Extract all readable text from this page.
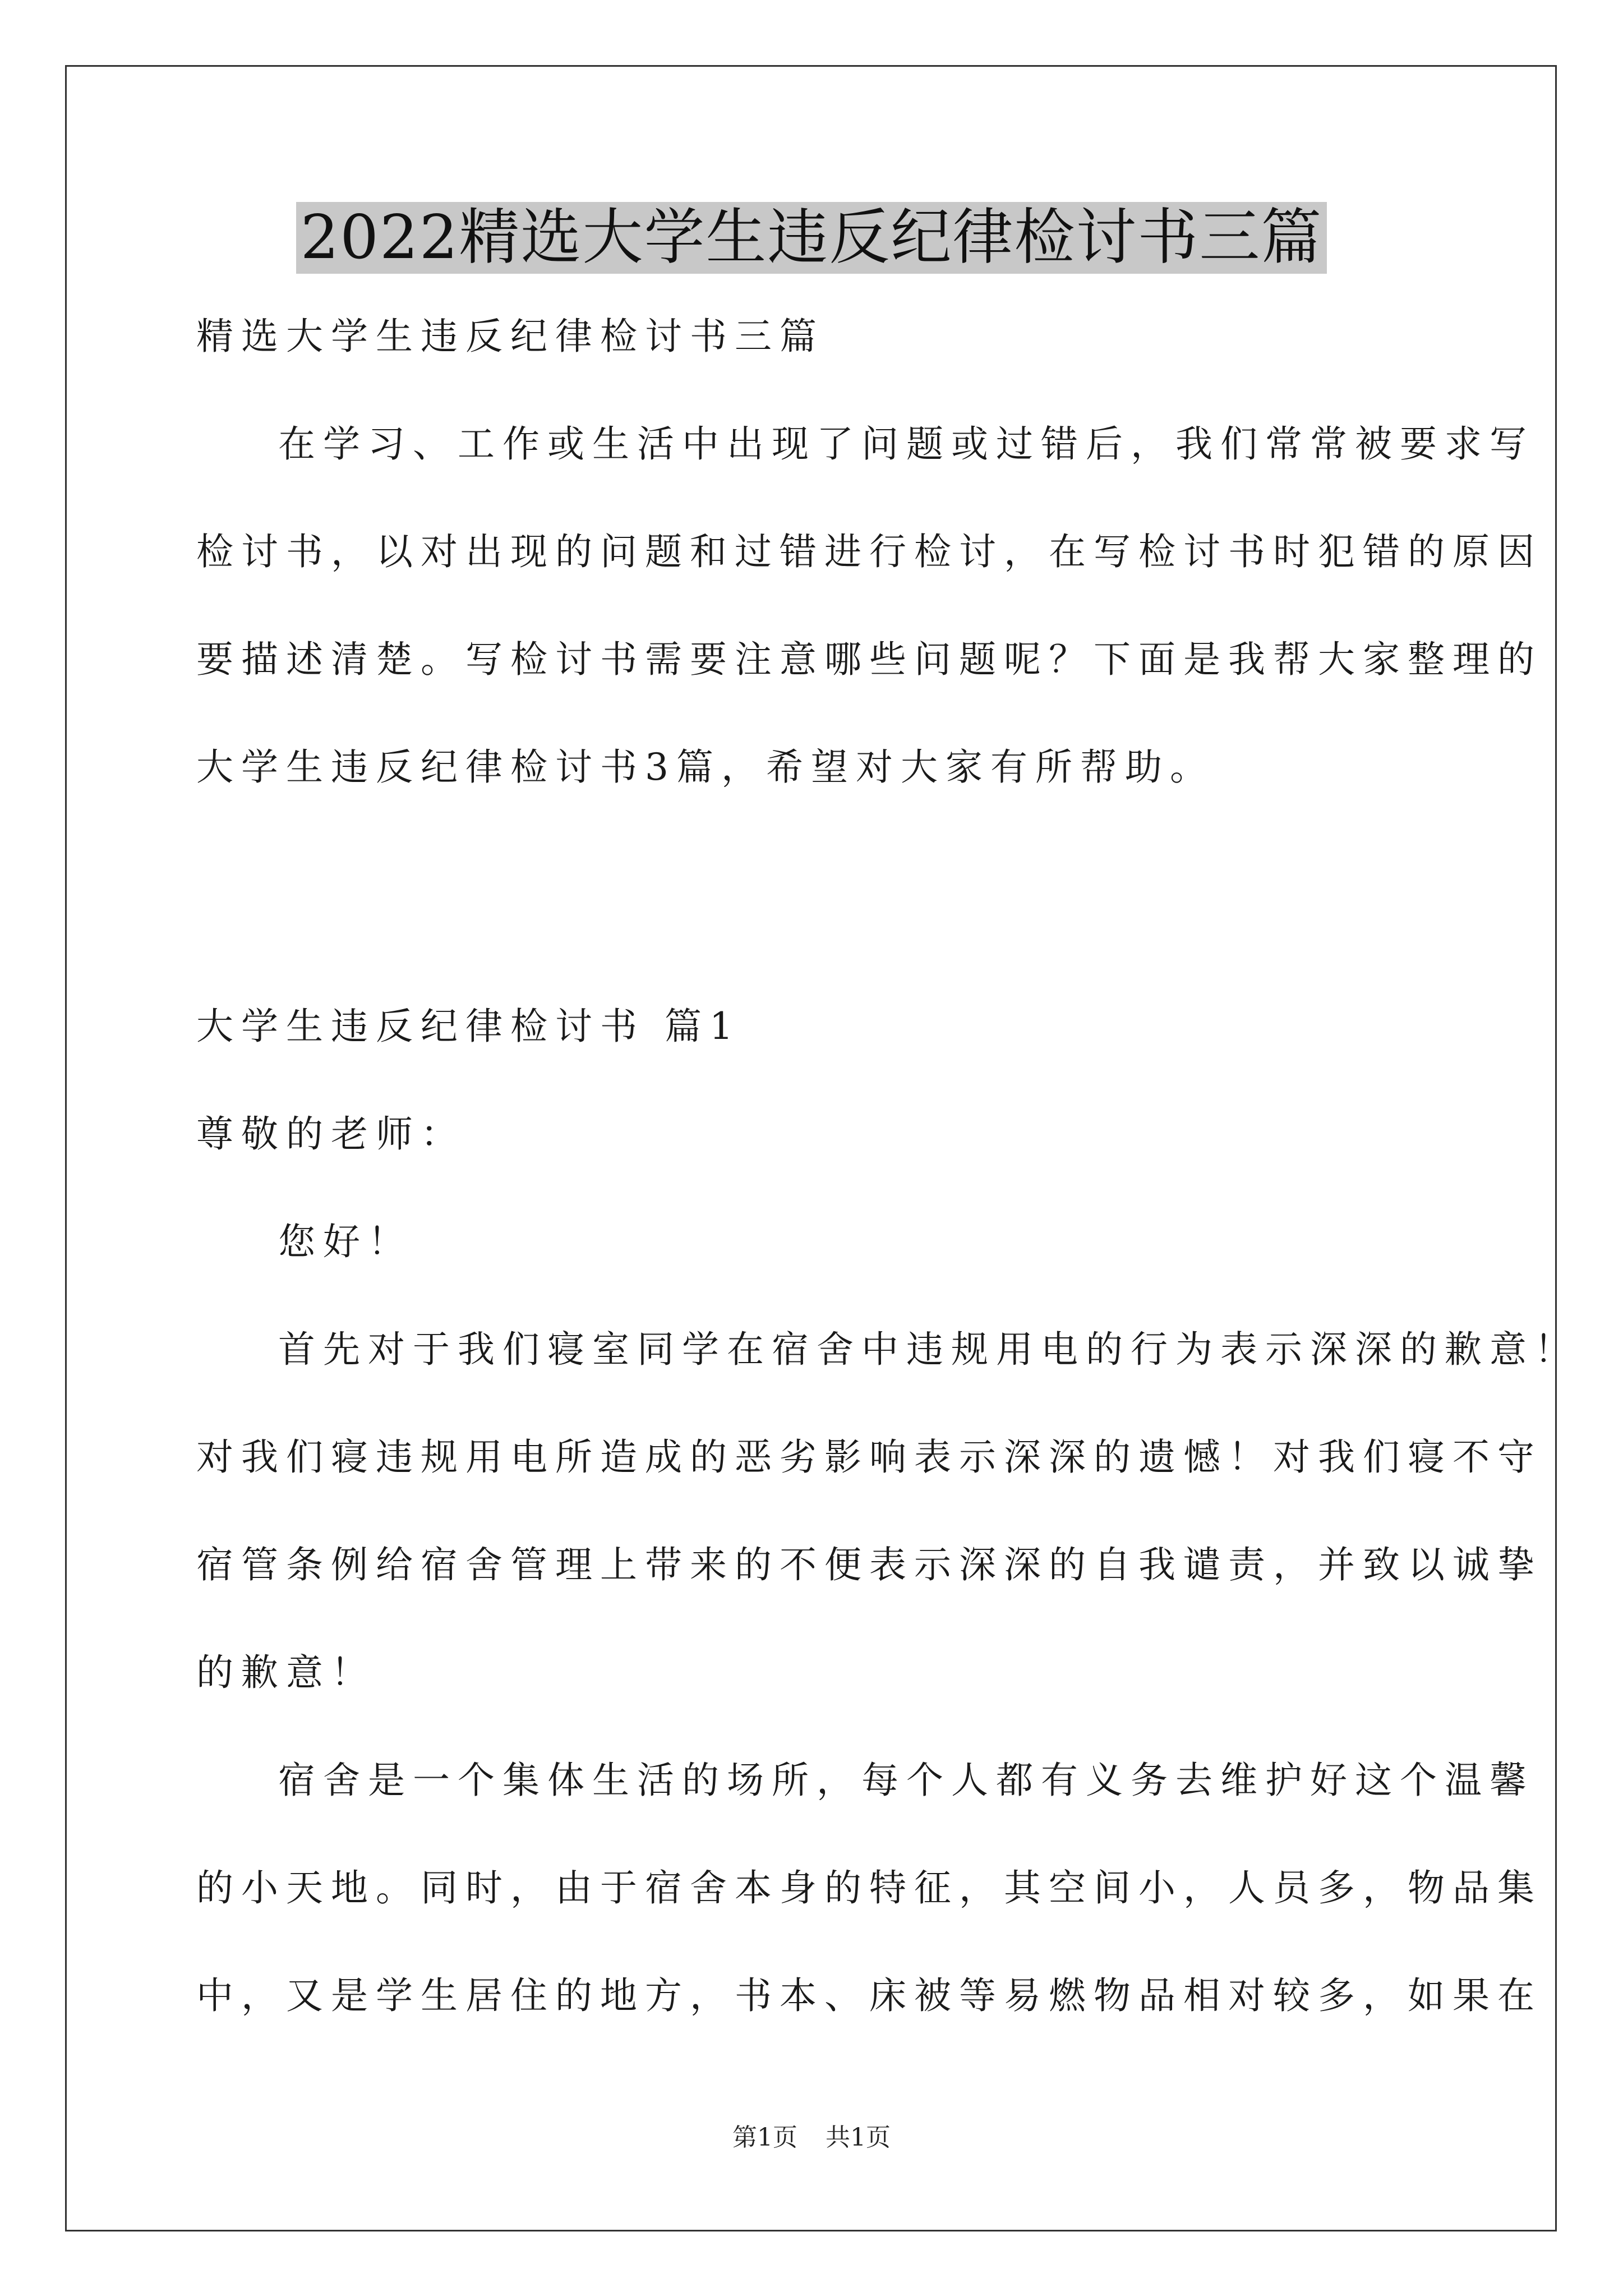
2022精选大学生违反纪律检讨书三篇
精选大学生违反纪律检讨书三篇
在学习、工作或生活中出现了问题或过错后，我们常常被要求写
检讨书，以对出现的问题和过错进行检讨，在写检讨书时犯错的原因
要描述清楚。写检讨书需要注意哪些问题呢？下面是我帮大家整理的
大学生违反纪律检讨书3篇，希望对大家有所帮助。
大学生违反纪律检讨书 篇1
尊敬的老师：
您好！
首先对于我们寝室同学在宿舍中违规用电的行为表示深深的歉意！
对我们寝违规用电所造成的恶劣影响表示深深的遗憾！对我们寝不守
宿管条例给宿舍管理上带来的不便表示深深的自我谴责，并致以诚挚
的歉意！
宿舍是一个集体生活的场所，每个人都有义务去维护好这个温馨
的小天地。同时，由于宿舍本身的特征，其空间小，人员多，物品集
中，又是学生居住的地方，书本、床被等易燃物品相对较多，如果在
第1页 共1页
